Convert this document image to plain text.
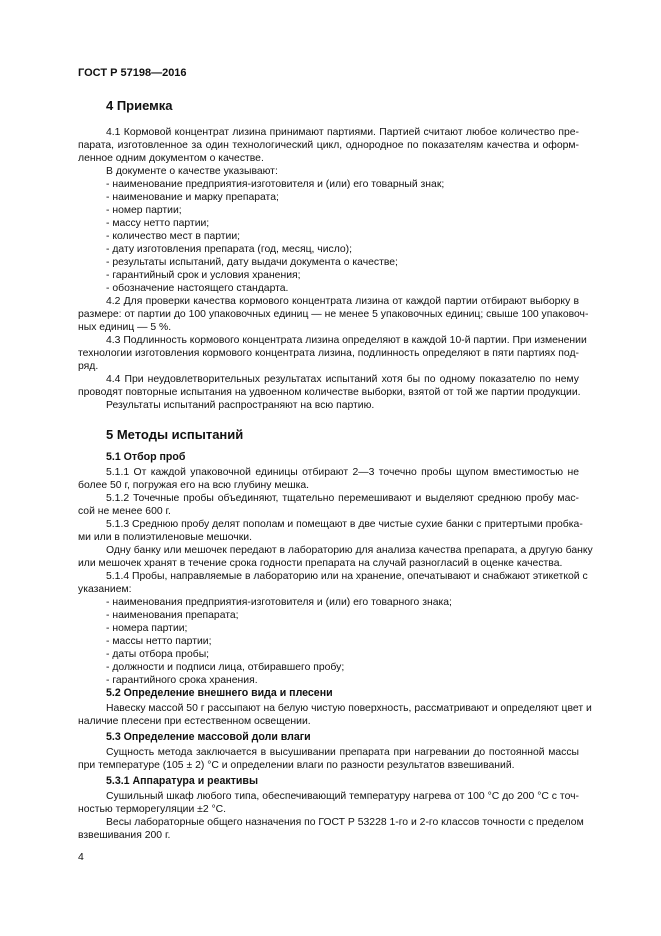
ГОСТ Р 57198—2016
4 Приемка
4.1 Кормовой концентрат лизина принимают партиями. Партией считают любое количество пре-
парата, изготовленное за один технологический цикл, однородное по показателям качества и оформ-
ленное одним документом о качестве.
В документе о качестве указывают:
- наименование предприятия-изготовителя и (или) его товарный знак;
- наименование и марку препарата;
- номер партии;
- массу нетто партии;
- количество мест в партии;
- дату изготовления препарата (год, месяц, число);
- результаты испытаний, дату выдачи документа о качестве;
- гарантийный срок и условия хранения;
- обозначение настоящего стандарта.
4.2 Для проверки качества кормового концентрата лизина от каждой партии отбирают выборку в
размере: от партии до 100 упаковочных единиц — не менее 5 упаковочных единиц; свыше 100 упаковоч-
ных единиц — 5 %.
4.3 Подлинность кормового концентрата лизина определяют в каждой 10-й партии. При изменении
технологии изготовления кормового концентрата лизина, подлинность определяют в пяти партиях под-
ряд.
4.4 При неудовлетворительных результатах испытаний хотя бы по одному показателю по нему
проводят повторные испытания на удвоенном количестве выборки, взятой от той же партии продукции.
Результаты испытаний распространяют на всю партию.
5 Методы испытаний
5.1 Отбор проб
5.1.1 От каждой упаковочной единицы отбирают 2—3 точечно пробы щупом вместимостью не
более 50 г, погружая его на всю глубину мешка.
5.1.2 Точечные пробы объединяют, тщательно перемешивают и выделяют среднюю пробу мас-
сой не менее 600 г.
5.1.3 Среднюю пробу делят пополам и помещают в две чистые сухие банки с притертыми пробка-
ми или в полиэтиленовые мешочки.
Одну банку или мешочек передают в лабораторию для анализа качества препарата, а другую банку
или мешочек хранят в течение срока годности препарата на случай разногласий в оценке качества.
5.1.4 Пробы, направляемые в лабораторию или на хранение, опечатывают и снабжают этикеткой с
указанием:
- наименования предприятия-изготовителя и (или) его товарного знака;
- наименования препарата;
- номера партии;
- массы нетто партии;
- даты отбора пробы;
- должности и подписи лица, отбиравшего пробу;
- гарантийного срока хранения.
5.2 Определение внешнего вида и плесени
Навеску массой 50 г рассыпают на белую чистую поверхность, рассматривают и определяют цвет и
наличие плесени при естественном освещении.
5.3 Определение массовой доли влаги
Сущность метода заключается в высушивании препарата при нагревании до постоянной массы
при температуре (105 ± 2) °С и определении влаги по разности результатов взвешиваний.
5.3.1 Аппаратура и реактивы
Сушильный шкаф любого типа, обеспечивающий температуру нагрева от 100 °С до 200 °С с точ-
ностью терморегуляции ±2 °С.
Весы лабораторные общего назначения по ГОСТ Р 53228 1-го и 2-го классов точности с пределом
взвешивания 200 г.
4
